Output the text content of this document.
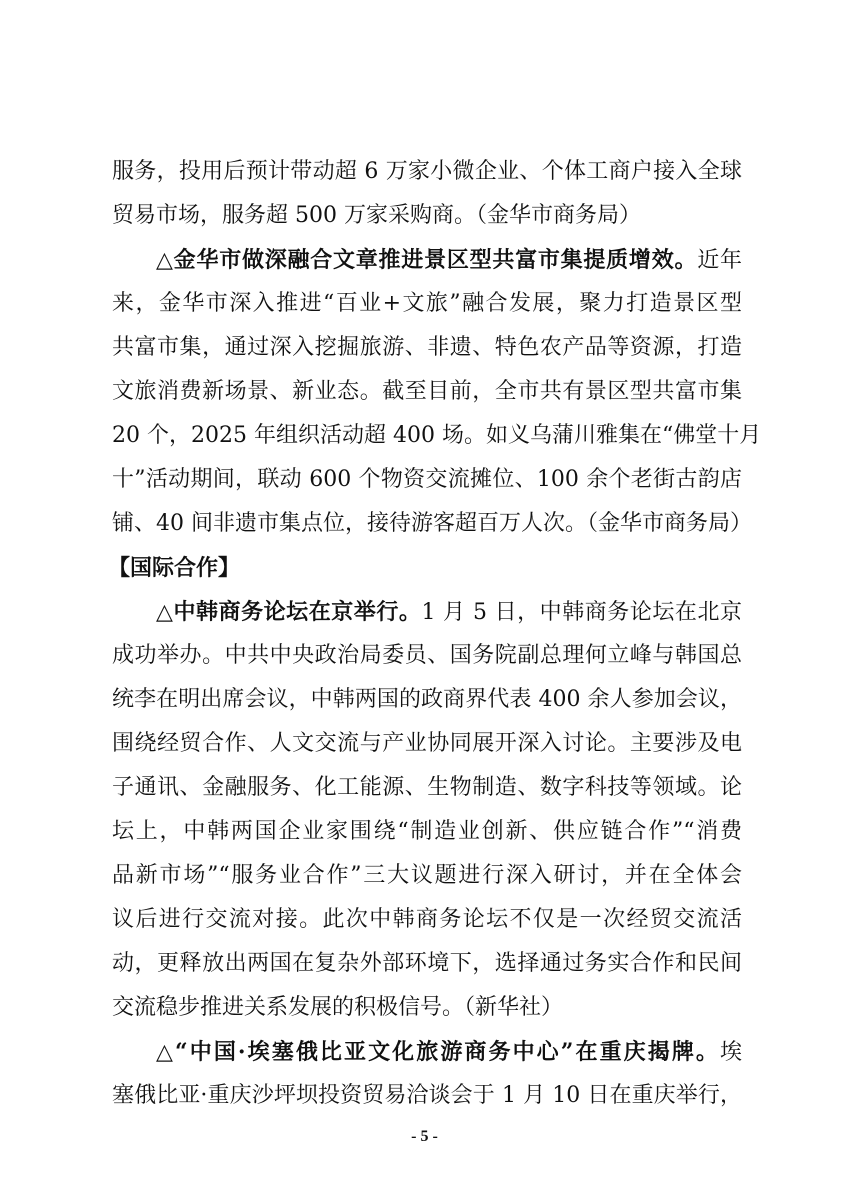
服务，投用后预计带动超 6 万家小微企业、个体工商户接入全球
贸易市场，服务超 500 万家采购商。（金华市商务局）
△金华市做深融合文章推进景区型共富市集提质增效。近年
来，金华市深入推进“百业+文旅”融合发展，聚力打造景区型
共富市集，通过深入挖掘旅游、非遗、特色农产品等资源，打造
文旅消费新场景、新业态。截至目前，全市共有景区型共富市集
20 个，2025 年组织活动超 400 场。如义乌蒲川雅集在“佛堂十月
十”活动期间，联动 600 个物资交流摊位、100 余个老街古韵店
铺、40 间非遗市集点位，接待游客超百万人次。（金华市商务局）
【国际合作】
△中韩商务论坛在京举行。1 月 5 日，中韩商务论坛在北京
成功举办。中共中央政治局委员、国务院副总理何立峰与韩国总
统李在明出席会议，中韩两国的政商界代表 400 余人参加会议，
围绕经贸合作、人文交流与产业协同展开深入讨论。主要涉及电
子通讯、金融服务、化工能源、生物制造、数字科技等领域。论
坛上，中韩两国企业家围绕“制造业创新、供应链合作”“消费
品新市场”“服务业合作”三大议题进行深入研讨，并在全体会
议后进行交流对接。此次中韩商务论坛不仅是一次经贸交流活
动，更释放出两国在复杂外部环境下，选择通过务实合作和民间
交流稳步推进关系发展的积极信号。（新华社）
△“中国·埃塞俄比亚文化旅游商务中心”在重庆揭牌。埃
塞俄比亚·重庆沙坪坝投资贸易洽谈会于 1 月 10 日在重庆举行，
- 5 -
